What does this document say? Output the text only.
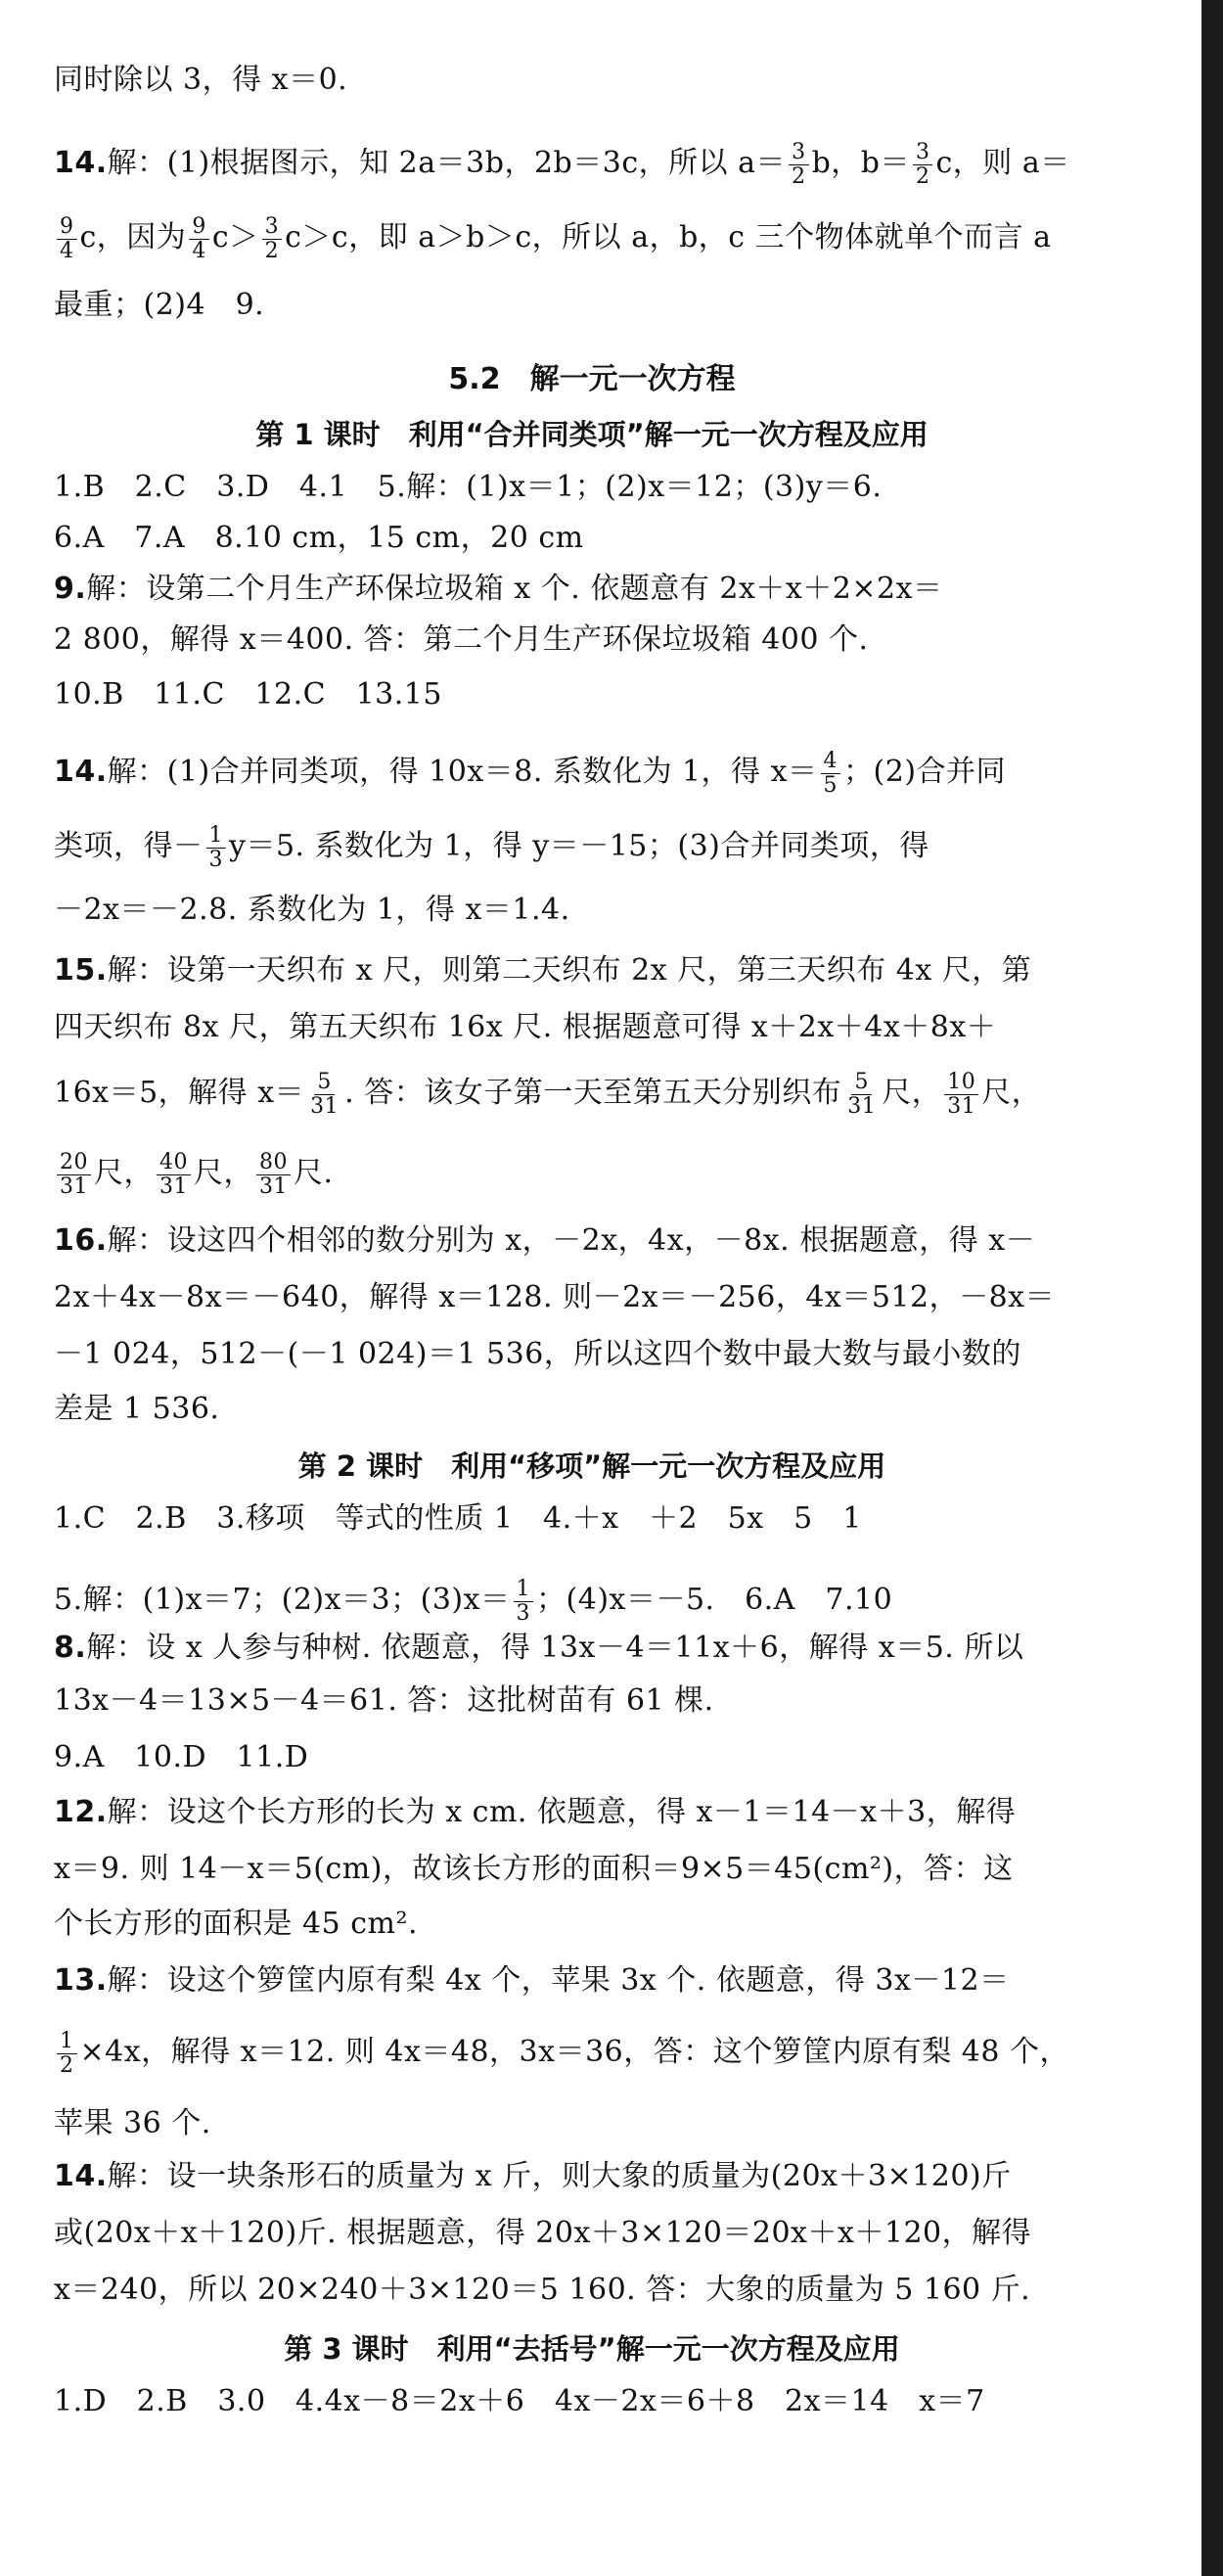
同时除以 3，得 x＝0.
14.解：(1)根据图示，知 2a＝3b，2b＝3c，所以 $a= \frac{3}{2}$ b，$b= \frac{3}{2}$ c，则 a＝
$\frac{9}{4}$ c，因为 $\frac{9}{4} c> \frac{3}{2} c>c$，即 a＞b＞c，所以 a，b，c 三个物体就单个而言 a
最重；(2)4　9.
5.2　解一元一次方程
第 1 课时　利用“合并同类项”解一元一次方程及应用
1.B　2.C　3.D　4.1　5.解：(1)x＝1；(2)x＝12；(3)y＝6.
6.A　7.A　8.10 cm，15 cm，20 cm
9.解：设第二个月生产环保垃圾箱 x 个. 依题意有 2x＋x＋2×2x＝
2 800，解得 x＝400. 答：第二个月生产环保垃圾箱 400 个.
10.B　11.C　12.C　13.15
14.解：(1)合并同类项，得 10x＝8. 系数化为 1，得 $x= \frac{4}{5}$ ；(2)合并同
类项，得－ $\frac{1}{3} y=5$. 系数化为 1，得 y＝－15；(3)合并同类项，得
－2x＝－2.8. 系数化为 1，得 x＝1.4.
15.解：设第一天织布 x 尺，则第二天织布 2x 尺，第三天织布 4x 尺，第
四天织布 8x 尺，第五天织布 16x 尺. 根据题意可得 x＋2x＋4x＋8x＋
16x＝5，解得 $x= \frac{5}{31}$ . 答：该女子第一天至第五天分别织布 $\frac{5}{31}$ 尺， $\frac{10}{31}$ 尺，
$\frac{20}{31}$ 尺， $\frac{40}{31}$ 尺， $\frac{80}{31}$ 尺.
16.解：设这四个相邻的数分别为 x，－2x，4x，－8x. 根据题意，得 x－
2x＋4x－8x＝－640，解得 x＝128. 则－2x＝－256，4x＝512，－8x＝
－1 024，512－(－1 024)＝1 536，所以这四个数中最大数与最小数的
差是 1 536.
第 2 课时　利用“移项”解一元一次方程及应用
1.C　2.B　3.移项　等式的性质 1　4.＋x　＋2　5x　5　1
5.解：(1)x＝7；(2)x＝3；$(3)x= \frac{1}{3}$ ；(4)x＝－5.　6.A　7.10
8.解：设 x 人参与种树. 依题意，得 13x－4＝11x＋6，解得 x＝5. 所以
13x－4＝13×5－4＝61. 答：这批树苗有 61 棵.
9.A　10.D　11.D
12.解：设这个长方形的长为 x cm. 依题意，得 x－1＝14－x＋3，解得
x＝9. 则 14－x＝5(cm)，故该长方形的面积＝9×5＝45(cm²)，答：这
个长方形的面积是 45 cm².
13.解：设这个箩筐内原有梨 4x 个，苹果 3x 个. 依题意，得 3x－12＝
$\frac{1}{2} \times 4x$，解得 x＝12. 则 4x＝48，3x＝36，答：这个箩筐内原有梨 48 个，
苹果 36 个.
14.解：设一块条形石的质量为 x 斤，则大象的质量为(20x＋3×120)斤
或(20x＋x＋120)斤. 根据题意，得 20x＋3×120＝20x＋x＋120，解得
x＝240，所以 20×240＋3×120＝5 160. 答：大象的质量为 5 160 斤.
第 3 课时　利用“去括号”解一元一次方程及应用
1.D　2.B　3.0　4.4x－8＝2x＋6　4x－2x＝6＋8　2x＝14　x＝7
